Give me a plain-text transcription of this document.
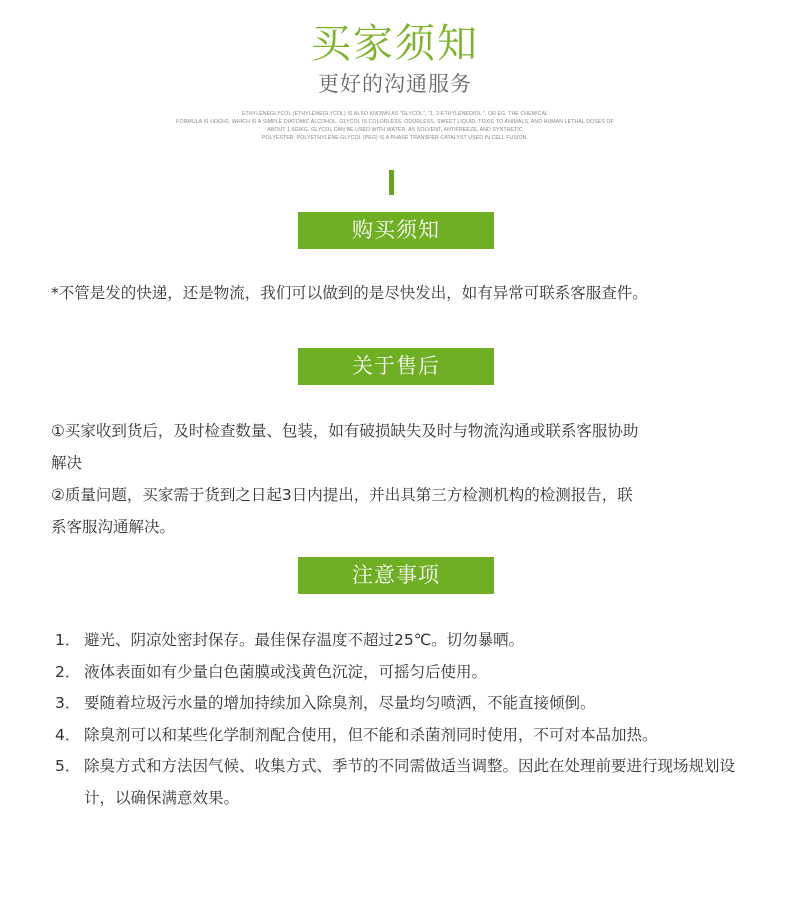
买家须知
更好的沟通服务
ETHYLENEGLYCOL (ETHYLENEGLYCOL) IS ALSO KNOWN AS "GLYCOL", "1, 2-ETHYLENEDIOL ", OR EG. THE CHEMICAL
FORMULA IS HOCH2, WHICH IS A SIMPLE DIATOMIC ALCOHOL. GLYCOL IS COLORLESS, ODORLESS, SWEET LIQUID, TOXIC TO ANIMALS, AND HUMAN LETHAL DOSES OF
ABOUT 1.6G/KG. GLYCOL CAN BE USED WITH WATER, AS SOLVENT, ANTIFREEZE, AND SYNTHETIC
POLYESTER. POLYETHYLENE GLYCOL (PEG) IS A PHASE TRANSFER CATALYST USED IN CELL FUSION.
购买须知
*不管是发的快递，还是物流，我们可以做到的是尽快发出，如有异常可联系客服查件。
关于售后
①买家收到货后，及时检查数量、包装，如有破损缺失及时与物流沟通或联系客服协助
解决
②质量问题，买家需于货到之日起3日内提出，并出具第三方检测机构的检测报告，联
系客服沟通解决。
注意事项
1． 避光、阴凉处密封保存。最佳保存温度不超过25℃。切勿暴晒。
2． 液体表面如有少量白色菌膜或浅黄色沉淀，可摇匀后使用。
3． 要随着垃圾污水量的增加持续加入除臭剂，尽量均匀喷洒，不能直接倾倒。
4． 除臭剂可以和某些化学制剂配合使用，但不能和杀菌剂同时使用，不可对本品加热。
5． 除臭方式和方法因气候、收集方式、季节的不同需做适当调整。因此在处理前要进行现场规划设计，以确保满意效果。
